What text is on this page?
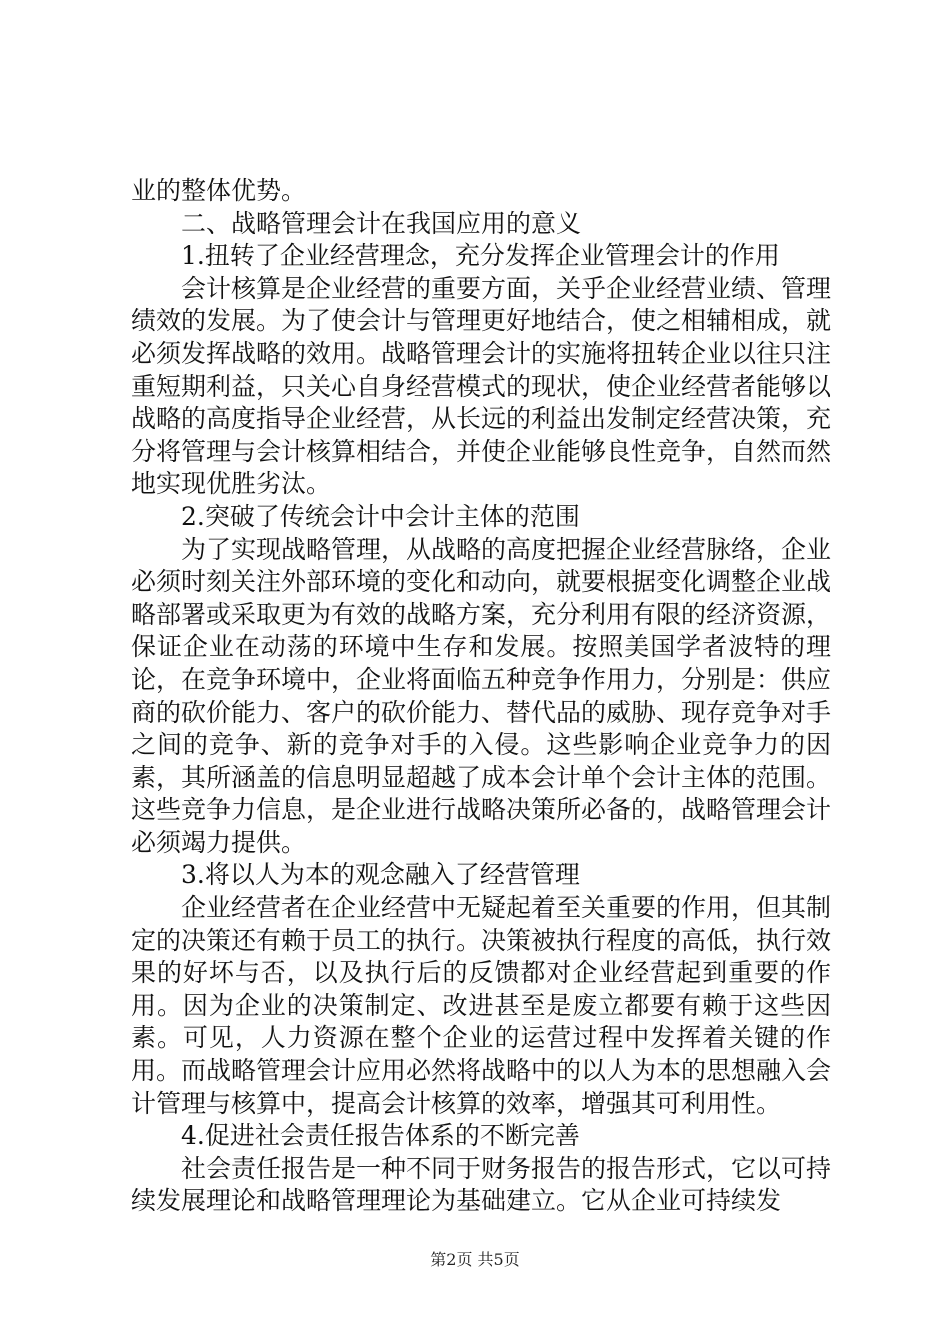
业的整体优势。

二、战略管理会计在我国应用的意义

1.扭转了企业经营理念，充分发挥企业管理会计的作用

会计核算是企业经营的重要方面，关乎企业经营业绩、管理绩效的发展。为了使会计与管理更好地结合，使之相辅相成，就必须发挥战略的效用。战略管理会计的实施将扭转企业以往只注重短期利益，只关心自身经营模式的现状，使企业经营者能够以战略的高度指导企业经营，从长远的利益出发制定经营决策，充分将管理与会计核算相结合，并使企业能够良性竞争，自然而然地实现优胜劣汰。

2.突破了传统会计中会计主体的范围

为了实现战略管理，从战略的高度把握企业经营脉络，企业必须时刻关注外部环境的变化和动向，就要根据变化调整企业战略部署或采取更为有效的战略方案，充分利用有限的经济资源，保证企业在动荡的环境中生存和发展。按照美国学者波特的理论，在竞争环境中，企业将面临五种竞争作用力，分别是：供应商的砍价能力、客户的砍价能力、替代品的威胁、现存竞争对手之间的竞争、新的竞争对手的入侵。这些影响企业竞争力的因素，其所涵盖的信息明显超越了成本会计单个会计主体的范围。这些竞争力信息，是企业进行战略决策所必备的，战略管理会计必须竭力提供。

3.将以人为本的观念融入了经营管理

企业经营者在企业经营中无疑起着至关重要的作用，但其制定的决策还有赖于员工的执行。决策被执行程度的高低，执行效果的好坏与否，以及执行后的反馈都对企业经营起到重要的作用。因为企业的决策制定、改进甚至是废立都要有赖于这些因素。可见，人力资源在整个企业的运营过程中发挥着关键的作用。而战略管理会计应用必然将战略中的以人为本的思想融入会计管理与核算中，提高会计核算的效率，增强其可利用性。

4.促进社会责任报告体系的不断完善

社会责任报告是一种不同于财务报告的报告形式，它以可持续发展理论和战略管理理论为基础建立。它从企业可持续发

第2页 共5页
